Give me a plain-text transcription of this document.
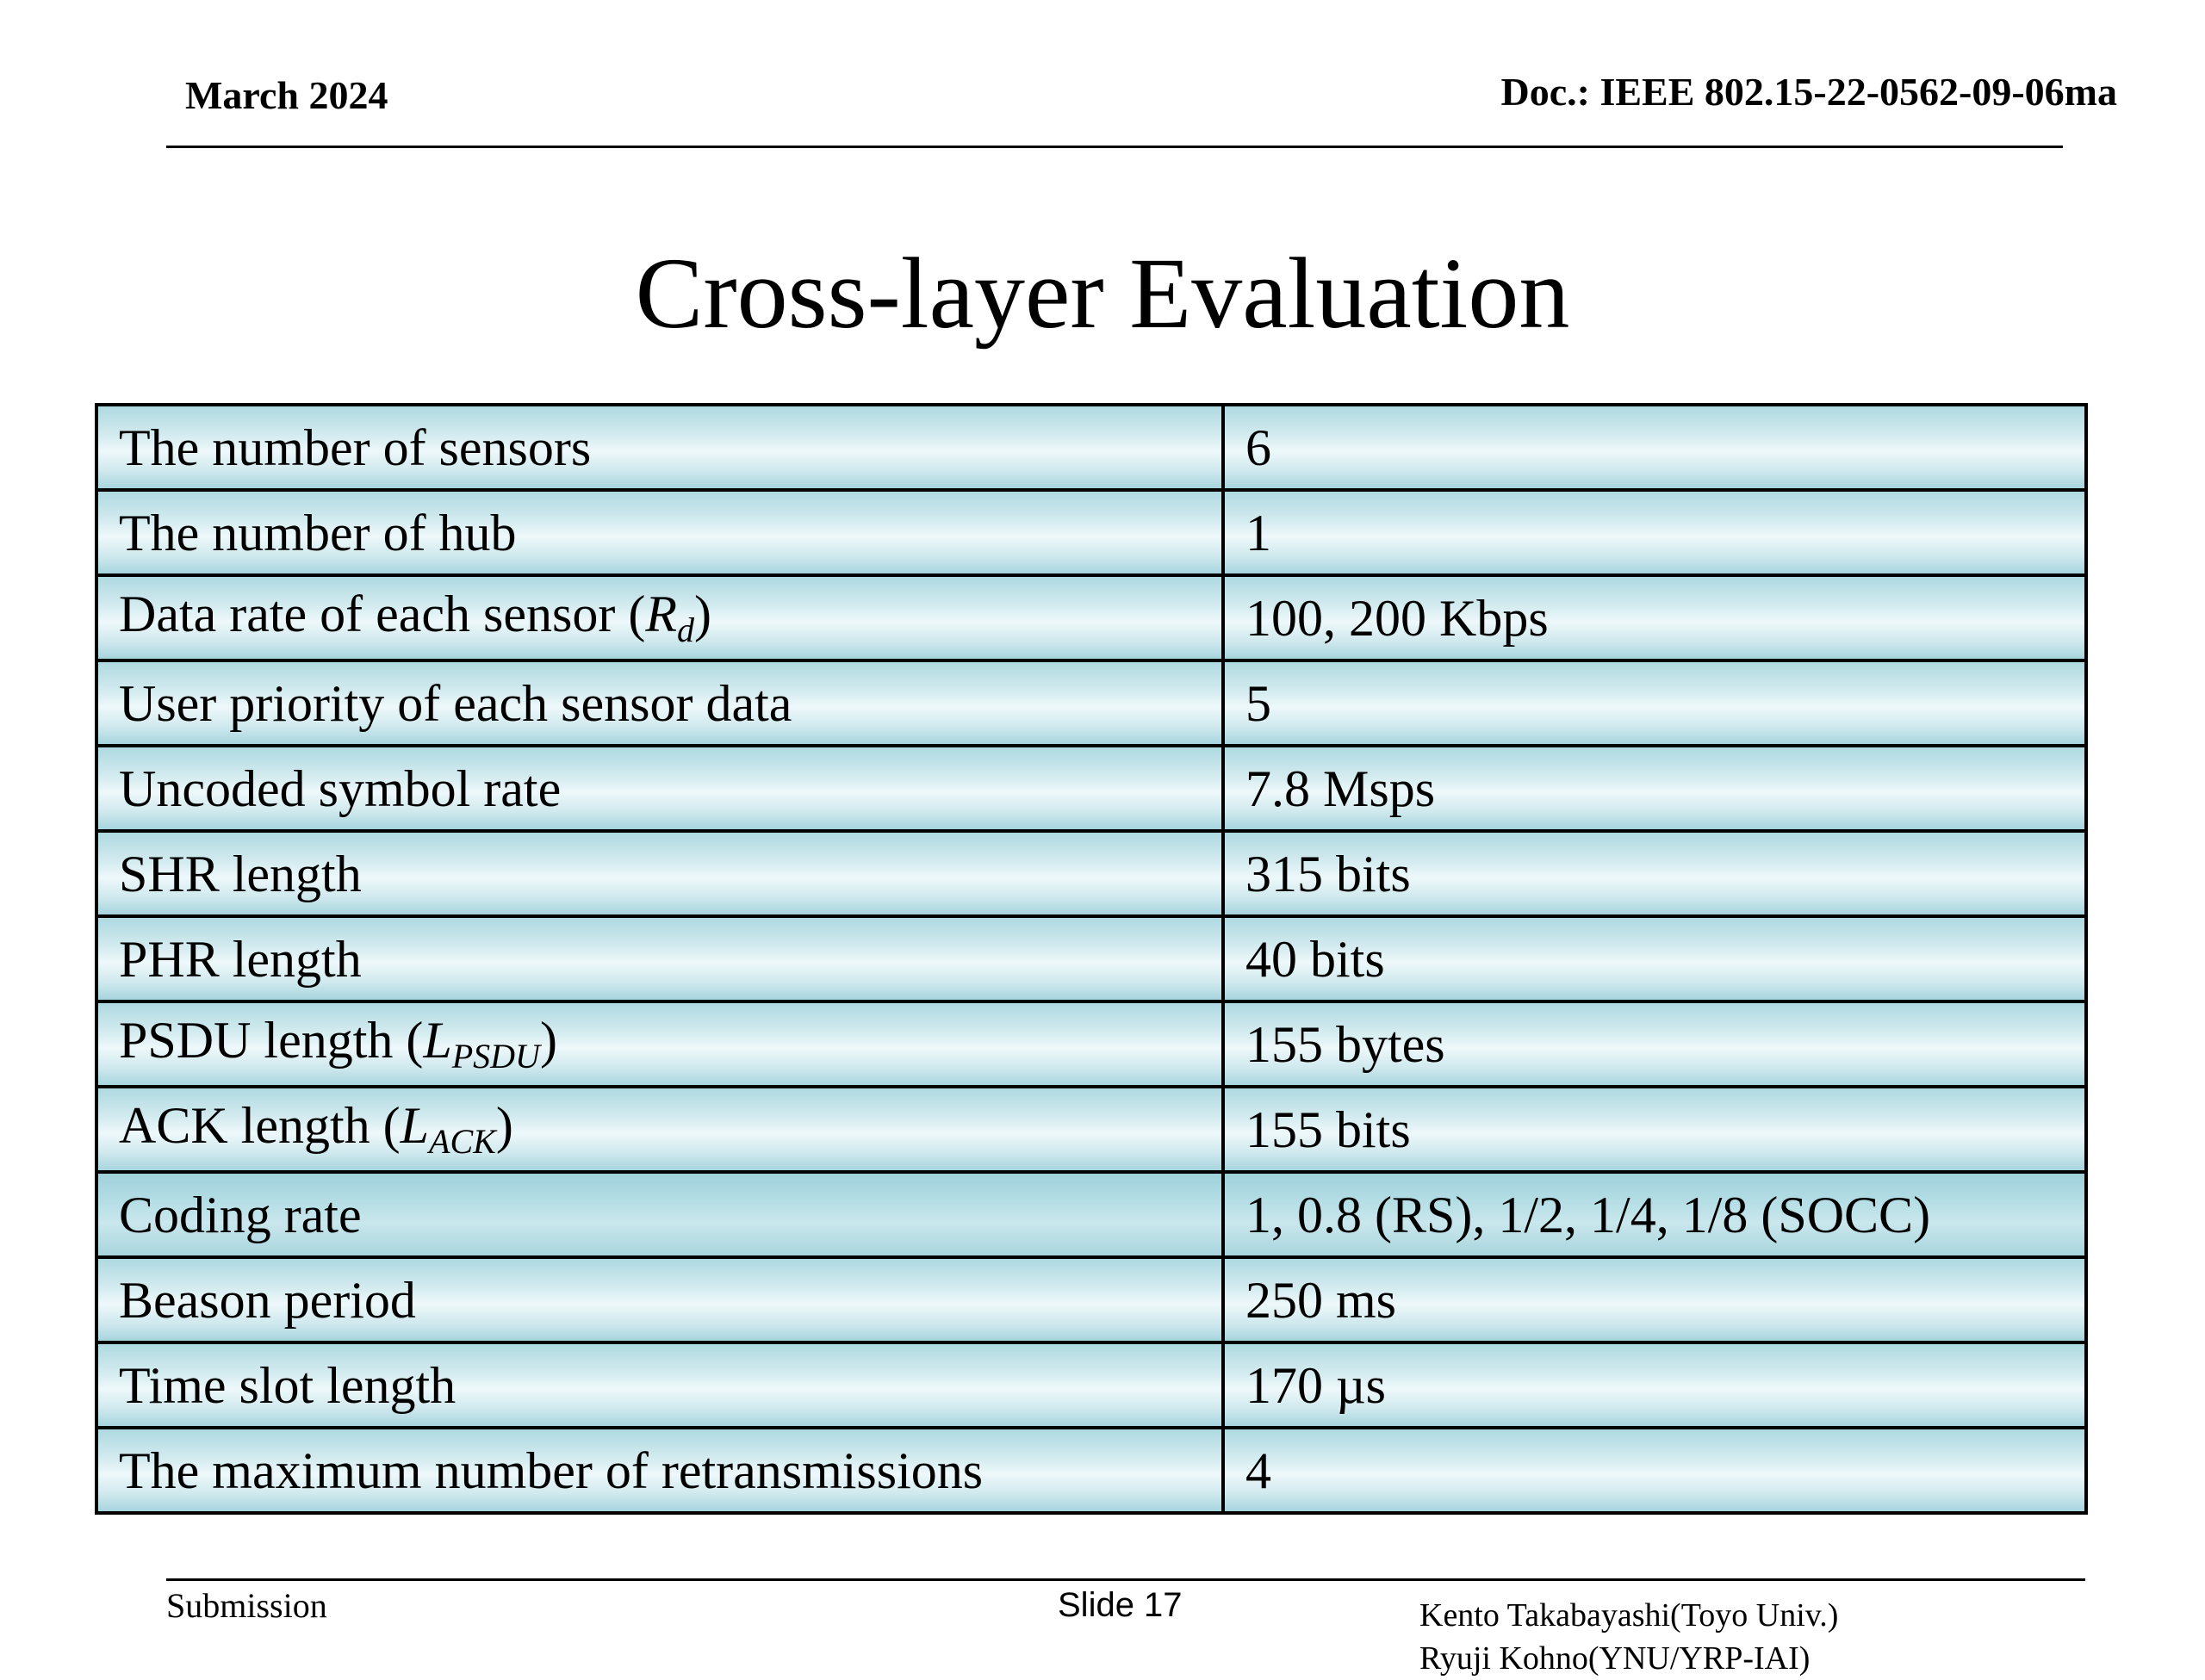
March 2024	Doc.: IEEE 802.15-22-0562-09-06ma
Cross-layer Evaluation
The number of sensors	6
The number of hub	1
Data rate of each sensor $(R_d)$	100, 200 Kbps
User priority of each sensor data	5
Uncoded symbol rate	7.8 Msps
SHR length	315 bits
PHR length	40 bits
PSDU length $(L_{PSDU})$	155 bytes
ACK length $(L_{ACK})$	155 bits
Coding rate	1, 0.8 (RS), 1/2, 1/4, 1/8 (SOCC)
Beason period	250 ms
Time slot length	170 µs
The maximum number of retransmissions	4
Submission	Slide 17	Kento Takabayashi(Toyo Univ.)
Ryuji Kohno(YNU/YRP-IAI)
